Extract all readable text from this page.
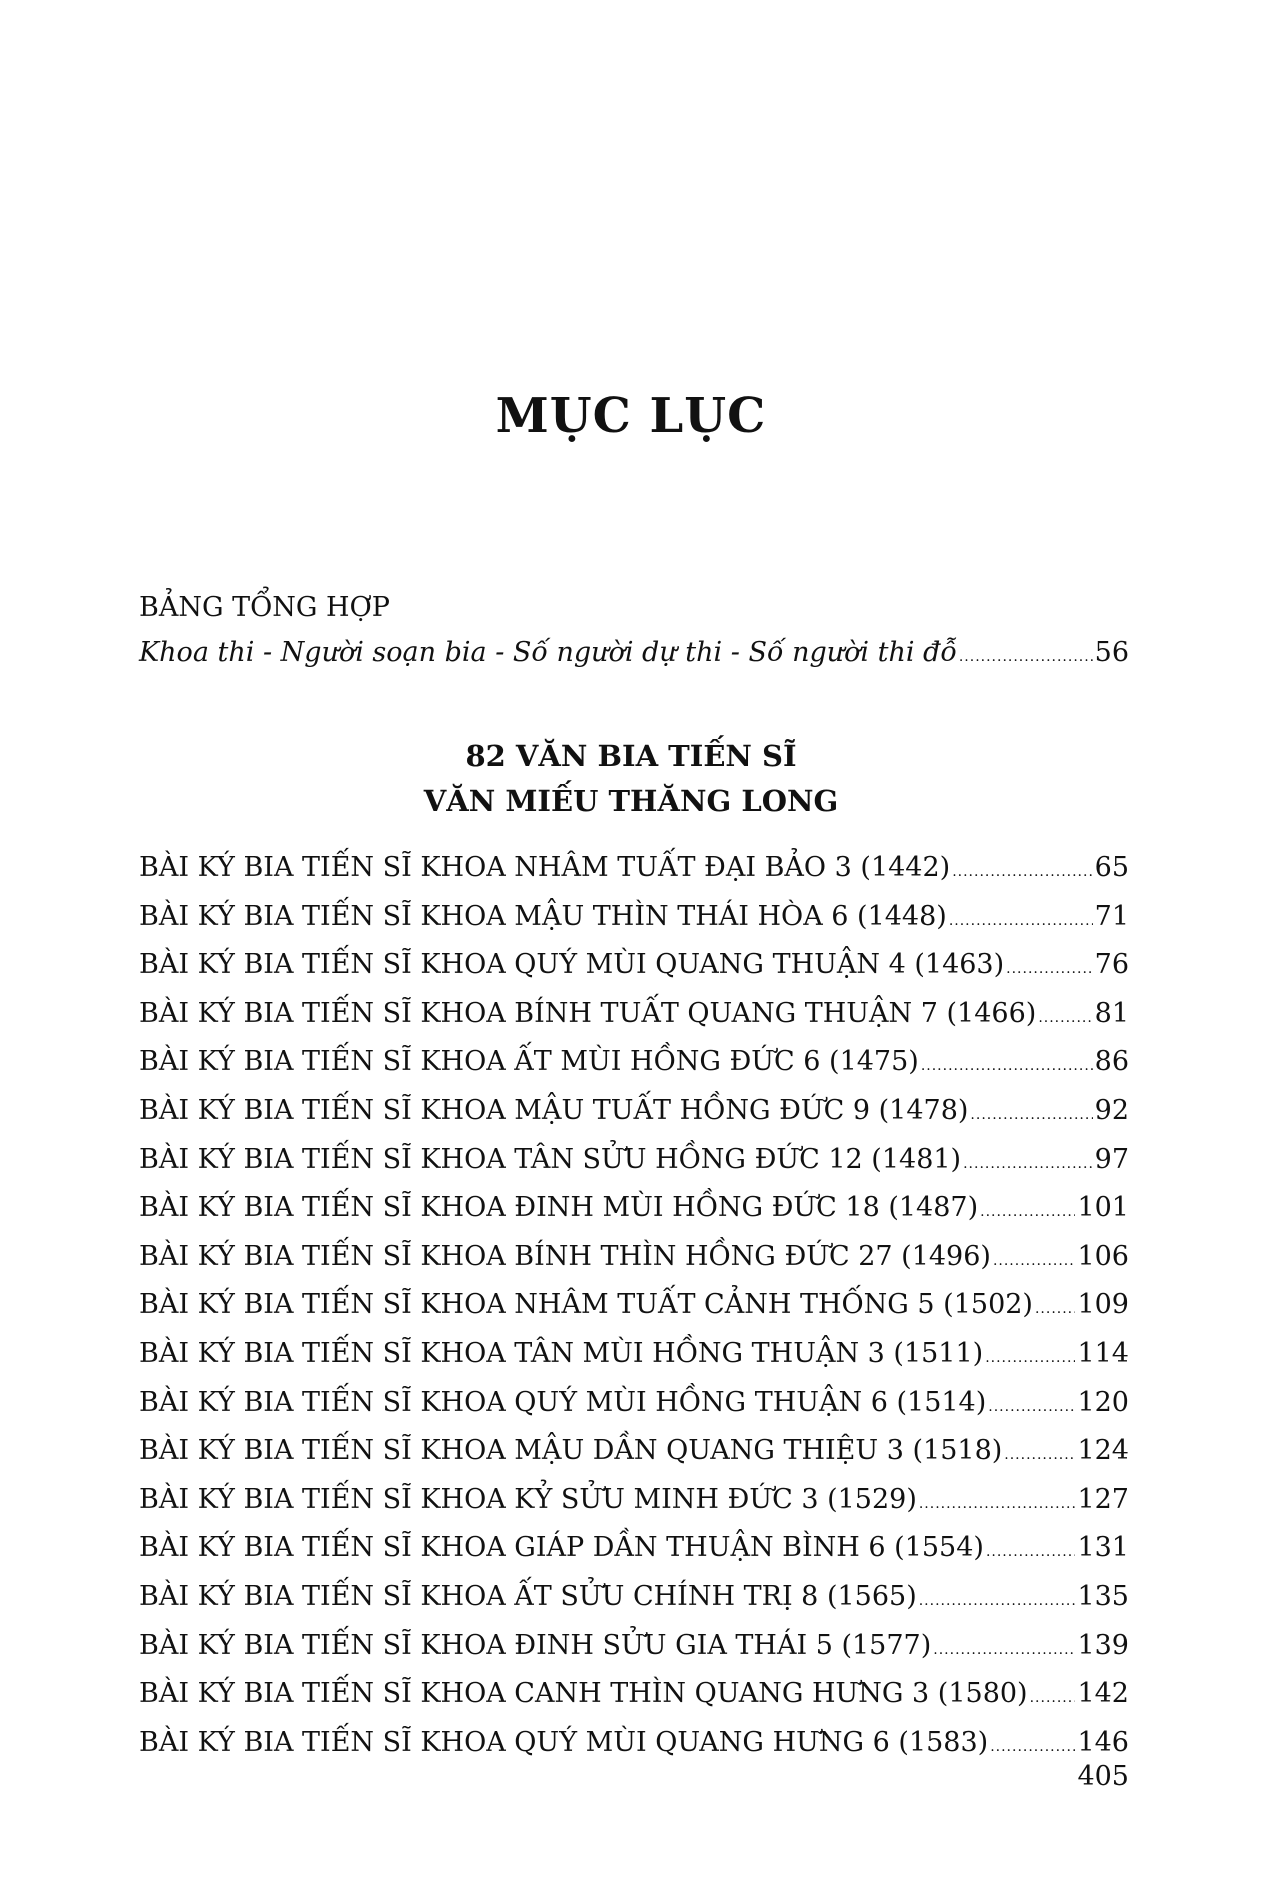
MỤC LỤC
BẢNG TỔNG HỢP
Khoa thi - Người soạn bia - Số người dự thi - Số người thi đỗ .....	56
82 VĂN BIA TIẾN SĨ
VĂN MIẾU THĂNG LONG
BÀI KÝ BIA TIẾN SĨ KHOA NHÂM TUẤT ĐẠI BẢO 3 (1442) .....	65
BÀI KÝ BIA TIẾN SĨ KHOA MẬU THÌN THÁI HÒA 6 (1448) .....	71
BÀI KÝ BIA TIẾN SĨ KHOA QUÝ MÙI QUANG THUẬN 4 (1463) .....	76
BÀI KÝ BIA TIẾN SĨ KHOA BÍNH TUẤT QUANG THUẬN 7 (1466) ..... 81
BÀI KÝ BIA TIẾN SĨ KHOA ẤT MÙI HỒNG ĐỨC 6 (1475) .....	86
BÀI KÝ BIA TIẾN SĨ KHOA MẬU TUẤT HỒNG ĐỨC 9 (1478) .....	92
BÀI KÝ BIA TIẾN SĨ KHOA TÂN SỬU HỒNG ĐỨC 12 (1481) .....	97
BÀI KÝ BIA TIẾN SĨ KHOA ĐINH MÙI HỒNG ĐỨC 18 (1487) .....	101
BÀI KÝ BIA TIẾN SĨ KHOA BÍNH THÌN HỒNG ĐỨC 27 (1496) .....	106
BÀI KÝ BIA TIẾN SĨ KHOA NHÂM TUẤT CẢNH THỐNG 5 (1502) ..... 109
BÀI KÝ BIA TIẾN SĨ KHOA TÂN MÙI HỒNG THUẬN 3 (1511) .....	114
BÀI KÝ BIA TIẾN SĨ KHOA QUÝ MÙI HỒNG THUẬN 6 (1514) .....	120
BÀI KÝ BIA TIẾN SĨ KHOA MẬU DẦN QUANG THIỆU 3 (1518) .....	124
BÀI KÝ BIA TIẾN SĨ KHOA KỶ SỬU MINH ĐỨC 3 (1529) .....	127
BÀI KÝ BIA TIẾN SĨ KHOA GIÁP DẦN THUẬN BÌNH 6 (1554) .....	131
BÀI KÝ BIA TIẾN SĨ KHOA ẤT SỬU CHÍNH TRỊ 8 (1565) .....	135
BÀI KÝ BIA TIẾN SĨ KHOA ĐINH SỬU GIA THÁI 5 (1577) .....	139
BÀI KÝ BIA TIẾN SĨ KHOA CANH THÌN QUANG HƯNG 3 (1580) ..... 142
BÀI KÝ BIA TIẾN SĨ KHOA QUÝ MÙI QUANG HƯNG 6 (1583) .....	146
405
